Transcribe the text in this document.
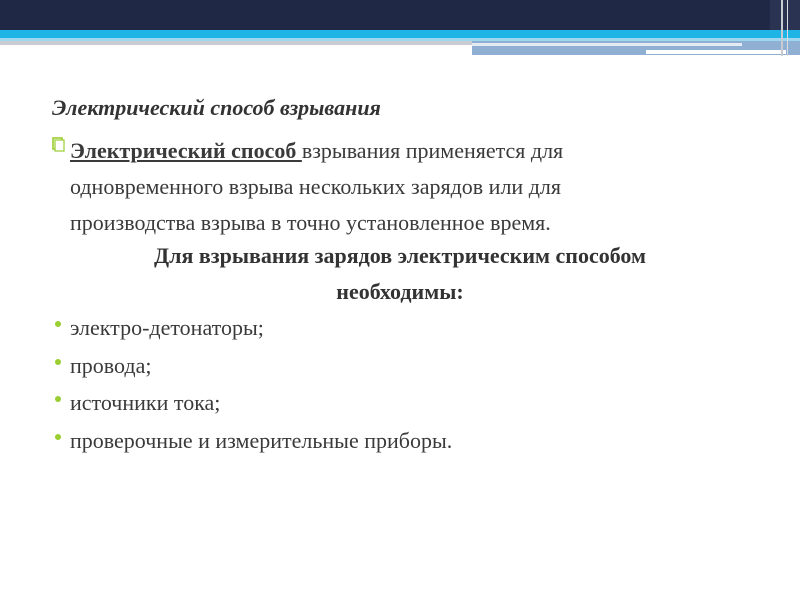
Электрический способ взрывания
Электрический способ взрывания применяется для
одновременного взрыва нескольких зарядов или для
производства взрыва в точно установленное время.
Для взрывания зарядов электрическим способом
необходимы:
электро-детонаторы;
провода;
источники тока;
проверочные и измерительные приборы.
